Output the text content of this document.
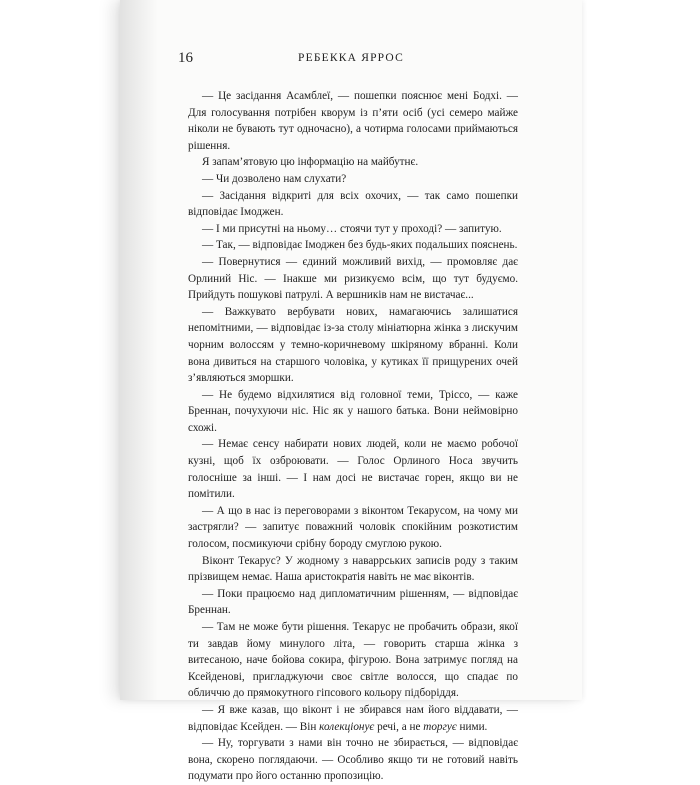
16	РЕБЕККА ЯРРОС

— Це засідання Асамблеї, — пошепки пояснює мені Бодхі. — Для голосування потрібен кворум із п’яти осіб (усі семеро майже ніколи не бувають тут одночасно), а чотирма голосами приймаються рішення.

Я запам’ятовую цю інформацію на майбутнє.

— Чи дозволено нам слухати?

— Засідання відкриті для всіх охочих, — так само пошепки відповідає Імоджен.

— І ми присутні на ньому… стоячи тут у проході? — запитую.

— Так, — відповідає Імоджен без будь-яких подальших пояснень.

— Повернутися — єдиний можливий вихід, — промовляє дає Орлиний Ніс. — Інакше ми ризикуємо всім, що тут будуємо. Прийдуть пошукові патрулі. А вершників нам не вистачає...

— Важкувато вербувати нових, намагаючись залишатися непомітними, — відповідає із-за столу мініатюрна жінка з лискучим чорним волоссям у темно-коричневому шкіряному вбранні. Коли вона дивиться на старшого чоловіка, у кутиках її прищурених очей з’являються зморшки.

— Не будемо відхилятися від головної теми, Тріссо, — каже Бреннан, почухуючи ніс. Ніс як у нашого батька. Вони неймовірно схожі.

— Немає сенсу набирати нових людей, коли не маємо робочої кузні, щоб їх озброювати. — Голос Орлиного Носа звучить голосніше за інші. — І нам досі не вистачає горен, якщо ви не помітили.

— А що в нас із переговорами з віконтом Текарусом, на чому ми застрягли? — запитує поважний чоловік спокійним розкотистим голосом, посмикуючи срібну бороду смуглою рукою.

Віконт Текарус? У жодному з наваррських записів роду з таким прізвищем немає. Наша аристократія навіть не має віконтів.

— Поки працюємо над дипломатичним рішенням, — відповідає Бреннан.

— Там не може бути рішення. Текарус не пробачить образи, якої ти завдав йому минулого літа, — говорить старша жінка з витесаною, наче бойова сокира, фігурою. Вона затримує погляд на Ксейденові, пригладжуючи своє світле волосся, що спадає по обличчю до прямокутного гіпсового кольору підборіддя.

— Я вже казав, що віконт і не збирався нам його віддавати, — відповідає Ксейден. — Він колекціонує речі, а не торгує ними.

— Ну, торгувати з нами він точно не збирається, — відповідає вона, скорено поглядаючи. — Особливо якщо ти не готовий навіть подумати про його останню пропозицію.
